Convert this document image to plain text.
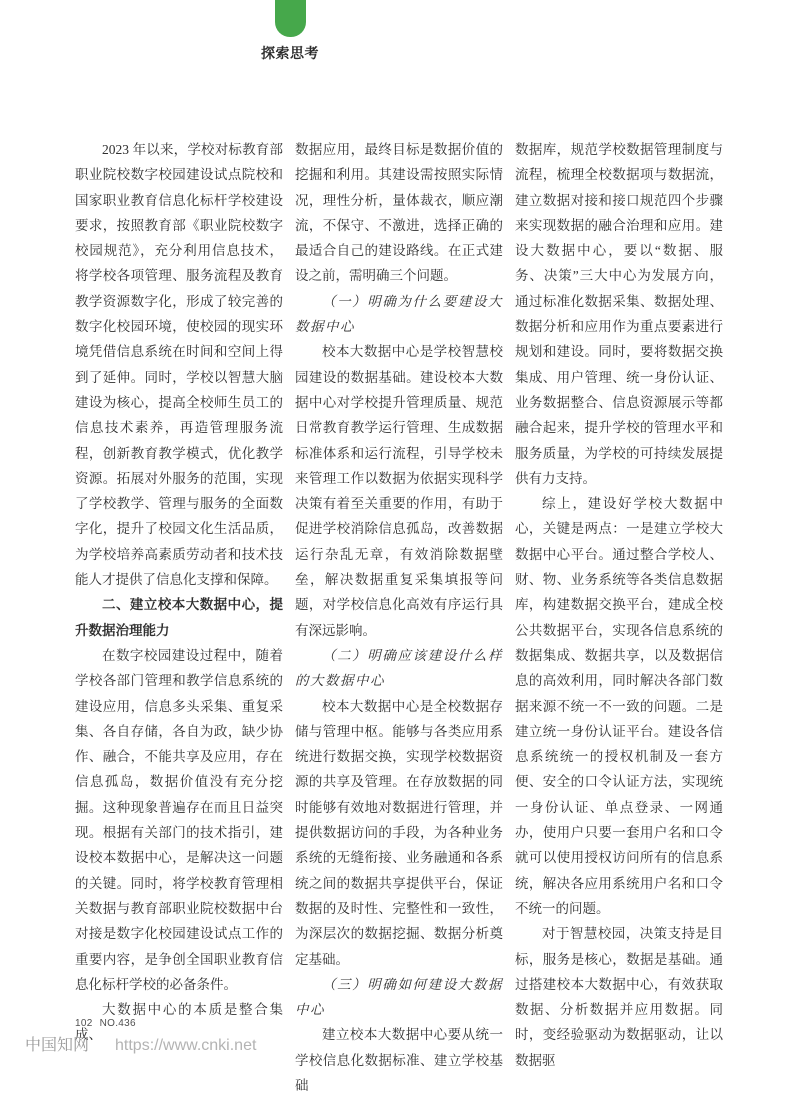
探索思考

2023 年以来，学校对标教育部职业院校数字校园建设试点院校和国家职业教育信息化标杆学校建设要求，按照教育部《职业院校数字校园规范》，充分利用信息技术，将学校各项管理、服务流程及教育教学资源数字化，形成了较完善的数字化校园环境，使校园的现实环境凭借信息系统在时间和空间上得到了延伸。同时，学校以智慧大脑建设为核心，提高全校师生员工的信息技术素养，再造管理服务流程，创新教育教学模式，优化教学资源。拓展对外服务的范围，实现了学校教学、管理与服务的全面数字化，提升了校园文化生活品质，为学校培养高素质劳动者和技术技能人才提供了信息化支撑和保障。

二、建立校本大数据中心，提升数据治理能力

在数字校园建设过程中，随着学校各部门管理和教学信息系统的建设应用，信息多头采集、重复采集、各自存储，各自为政，缺少协作、融合，不能共享及应用，存在信息孤岛，数据价值没有充分挖掘。这种现象普遍存在而且日益突现。根据有关部门的技术指引，建设校本数据中心，是解决这一问题的关键。同时，将学校教育管理相关数据与教育部职业院校数据中台对接是数字化校园建设试点工作的重要内容，是争创全国职业教育信息化标杆学校的必备条件。

大数据中心的本质是整合集成、

数据应用，最终目标是数据价值的挖掘和利用。其建设需按照实际情况，理性分析，量体裁衣，顺应潮流，不保守、不激进，选择正确的最适合自己的建设路线。在正式建设之前，需明确三个问题。

（一）明确为什么要建设大数据中心

校本大数据中心是学校智慧校园建设的数据基础。建设校本大数据中心对学校提升管理质量、规范日常教育教学运行管理、生成数据标准体系和运行流程，引导学校未来管理工作以数据为依据实现科学决策有着至关重要的作用，有助于促进学校消除信息孤岛，改善数据运行杂乱无章，有效消除数据壁垒，解决数据重复采集填报等问题，对学校信息化高效有序运行具有深远影响。

（二）明确应该建设什么样的大数据中心

校本大数据中心是全校数据存储与管理中枢。能够与各类应用系统进行数据交换，实现学校数据资源的共享及管理。在存放数据的同时能够有效地对数据进行管理，并提供数据访问的手段，为各种业务系统的无缝衔接、业务融通和各系统之间的数据共享提供平台，保证数据的及时性、完整性和一致性，为深层次的数据挖掘、数据分析奠定基础。

（三）明确如何建设大数据中心

建立校本大数据中心要从统一学校信息化数据标准、建立学校基础

数据库，规范学校数据管理制度与流程，梳理全校数据项与数据流，建立数据对接和接口规范四个步骤来实现数据的融合治理和应用。建设大数据中心，要以“数据、服务、决策”三大中心为发展方向，通过标准化数据采集、数据处理、数据分析和应用作为重点要素进行规划和建设。同时，要将数据交换集成、用户管理、统一身份认证、业务数据整合、信息资源展示等都融合起来，提升学校的管理水平和服务质量，为学校的可持续发展提供有力支持。

综上，建设好学校大数据中心，关键是两点：一是建立学校大数据中心平台。通过整合学校人、财、物、业务系统等各类信息数据库，构建数据交换平台，建成全校公共数据平台，实现各信息系统的数据集成、数据共享，以及数据信息的高效利用，同时解决各部门数据来源不统一不一致的问题。二是建立统一身份认证平台。建设各信息系统统一的授权机制及一套方便、安全的口令认证方法，实现统一身份认证、单点登录、一网通办，使用户只要一套用户名和口令就可以使用授权访问所有的信息系统，解决各应用系统用户名和口令不统一的问题。

对于智慧校园，决策支持是目标，服务是核心，数据是基础。通过搭建校本大数据中心，有效获取数据、分析数据并应用数据。同时，变经验驱动为数据驱动，让以数据驱

102 NO.436
中国知网 https://www.cnki.net
